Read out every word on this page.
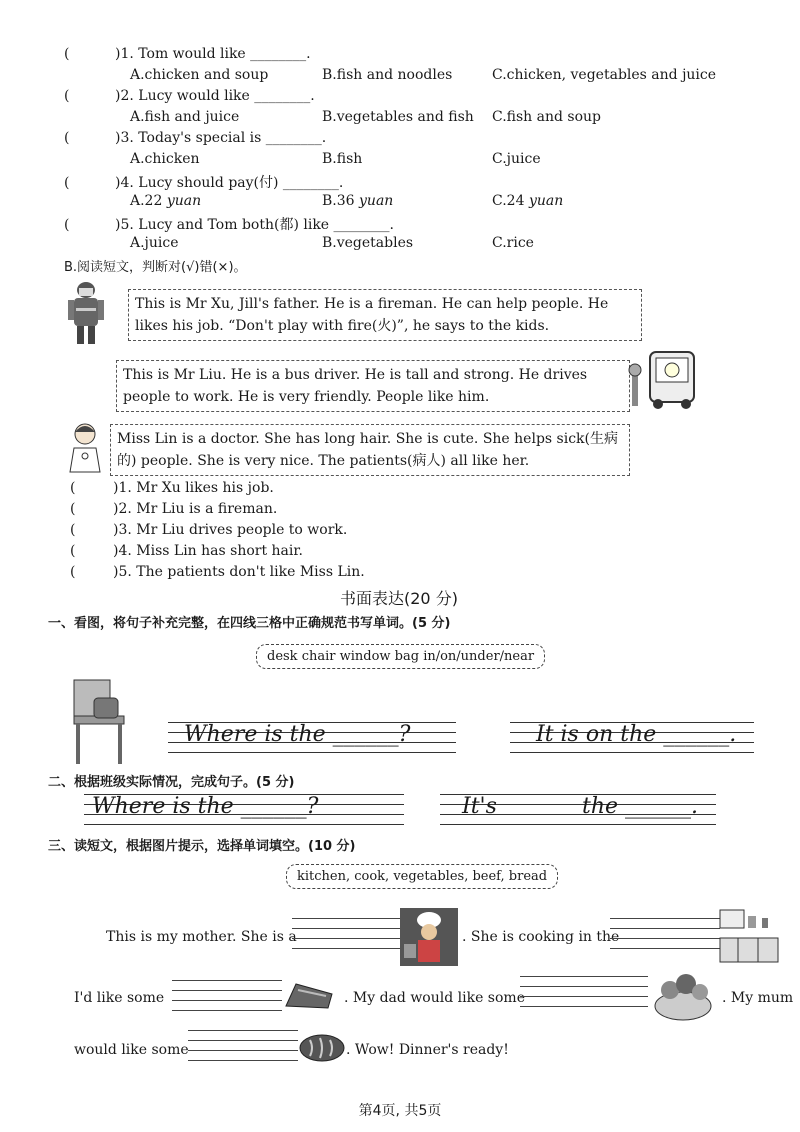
(	)1. Tom would like ________.
A.chicken and soup	B.fish and noodles	C.chicken, vegetables and juice
(	)2. Lucy would like ________.
A.fish and juice	B.vegetables and fish C.fish and soup
(	)3. Today's special is ________.
A.chicken	B.fish	C.juice
(	)4. Lucy should pay(付) ________.
A.22 yuan	B.36 yuan	C.24 yuan
(	)5. Lucy and Tom both(都) like ________.
A.juice	B.vegetables	C.rice
B.阅读短文，判断对(√)错(×)。
This is Mr Xu, Jill's father. He is a fireman. He can help people. He likes his job. “Don't play with fire(火)”, he says to the kids.
This is Mr Liu. He is a bus driver. He is tall and strong. He drives people to work. He is very friendly. People like him.
Miss Lin is a doctor. She has long hair. She is cute. She helps sick(生病的) people. She is very nice. The patients(病人) all like her.
(	)1. Mr Xu likes his job.
(	)2. Mr Liu is a fireman.
(	)3. Mr Liu drives people to work.
(	)4. Miss Lin has short hair.
(	)5. The patients don't like Miss Lin.
书面表达(20 分)
一、看图，将句子补充完整，在四线三格中正确规范书写单词。(5 分)
desk chair window bag in/on/under/near
Where is the ______?	It is on the ______.
二、根据班级实际情况，完成句子。(5 分)
Where is the ______?	It's	the ______.
三、读短文，根据图片提示，选择单词填空。(10 分)
kitchen, cook, vegetables, beef, bread
This is my mother. She is a	. She is cooking in the
I'd like some	. My dad would like some	. My mum
would like some	. Wow! Dinner's ready!
第4页, 共5页
